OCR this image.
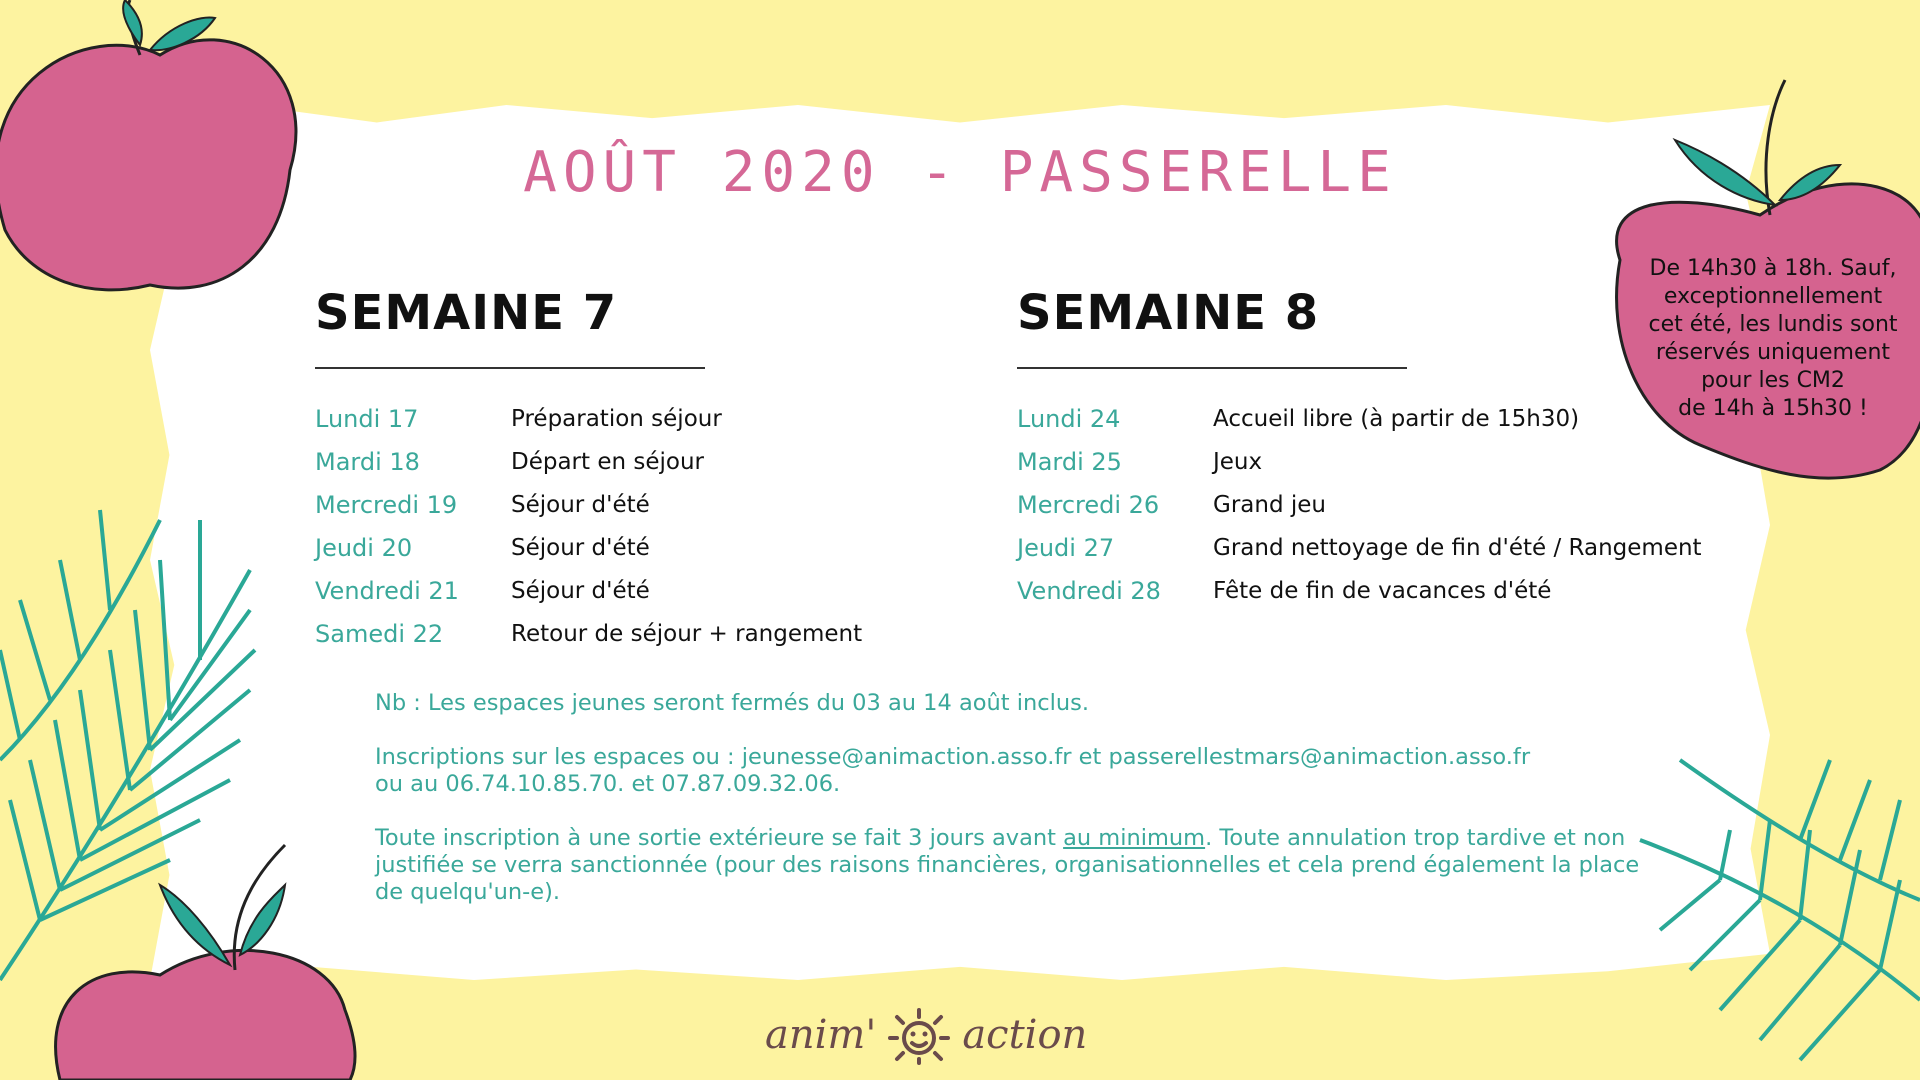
AOÛT 2020 - PASSERELLE
SEMAINE 7
Lundi 17	Préparation séjour
Mardi 18	Départ en séjour
Mercredi 19	Séjour d'été
Jeudi 20	Séjour d'été
Vendredi 21	Séjour d'été
Samedi 22	Retour de séjour + rangement
SEMAINE 8
Lundi 24	Accueil libre (à partir de 15h30)
Mardi 25	Jeux
Mercredi 26	Grand jeu
Jeudi 27	Grand nettoyage de fin d'été / Rangement
Vendredi 28	Fête de fin de vacances d'été

Nb : Les espaces jeunes seront fermés du 03 au 14 août inclus.

Inscriptions sur les espaces ou : jeunesse@animaction.asso.fr et passerellestmars@animaction.asso.fr
ou au 06.74.10.85.70. et 07.87.09.32.06.

Toute inscription à une sortie extérieure se fait 3 jours avant au minimum. Toute annulation trop tardive et non justifiée se verra sanctionnée (pour des raisons financières, organisationnelles et cela prend également la place de quelqu'un-e).

De 14h30 à 18h. Sauf,
exceptionnellement
cet été, les lundis sont
réservés uniquement
pour les CM2
de 14h à 15h30 !
anim' action
